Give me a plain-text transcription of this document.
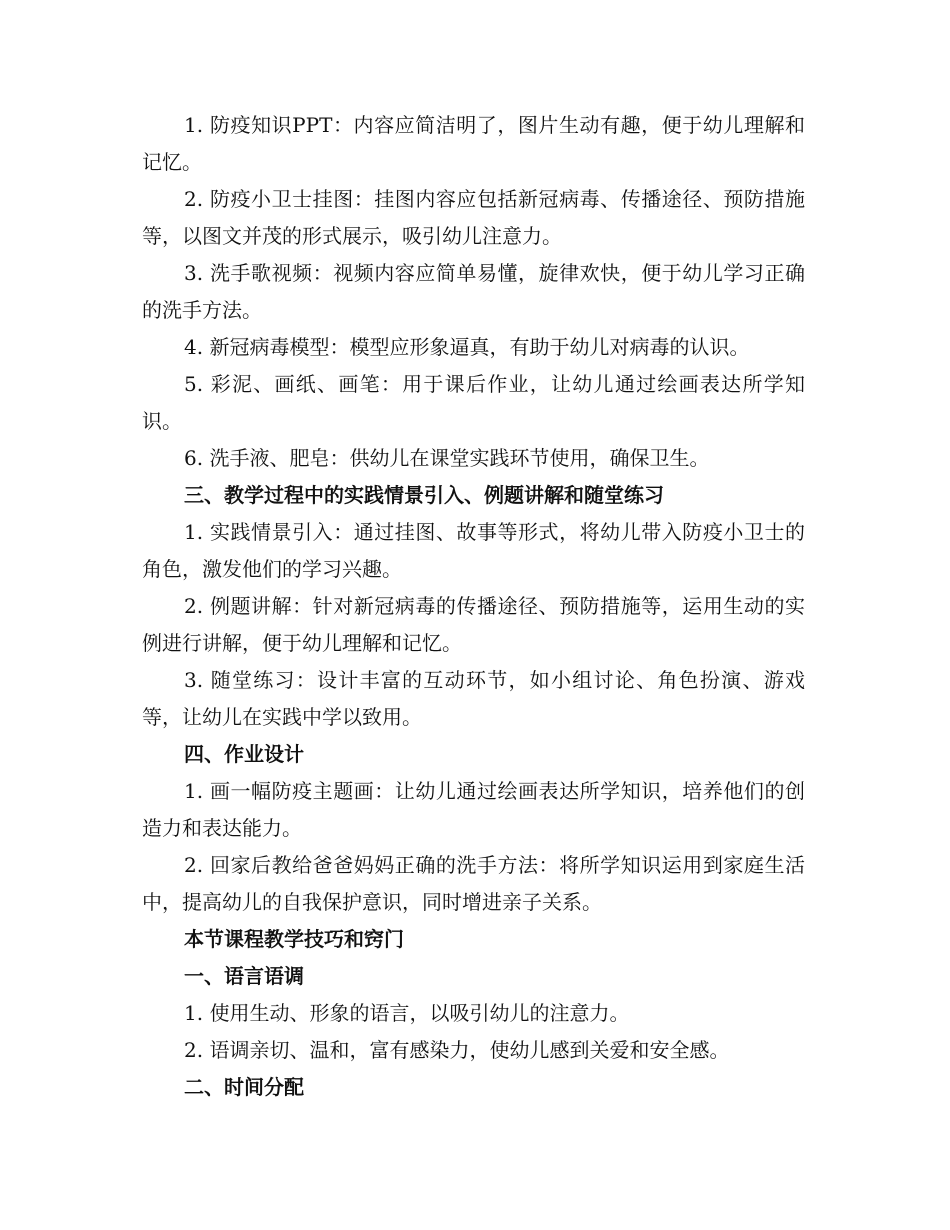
1. 防疫知识PPT：内容应简洁明了，图片生动有趣，便于幼儿理解和记忆。

2. 防疫小卫士挂图：挂图内容应包括新冠病毒、传播途径、预防措施等，以图文并茂的形式展示，吸引幼儿注意力。

3. 洗手歌视频：视频内容应简单易懂，旋律欢快，便于幼儿学习正确的洗手方法。

4. 新冠病毒模型：模型应形象逼真，有助于幼儿对病毒的认识。

5. 彩泥、画纸、画笔：用于课后作业，让幼儿通过绘画表达所学知识。

6. 洗手液、肥皂：供幼儿在课堂实践环节使用，确保卫生。

三、教学过程中的实践情景引入、例题讲解和随堂练习

1. 实践情景引入：通过挂图、故事等形式，将幼儿带入防疫小卫士的角色，激发他们的学习兴趣。

2. 例题讲解：针对新冠病毒的传播途径、预防措施等，运用生动的实例进行讲解，便于幼儿理解和记忆。

3. 随堂练习：设计丰富的互动环节，如小组讨论、角色扮演、游戏等，让幼儿在实践中学以致用。

四、作业设计

1. 画一幅防疫主题画：让幼儿通过绘画表达所学知识，培养他们的创造力和表达能力。

2. 回家后教给爸爸妈妈正确的洗手方法：将所学知识运用到家庭生活中，提高幼儿的自我保护意识，同时增进亲子关系。

本节课程教学技巧和窍门

一、语言语调

1. 使用生动、形象的语言，以吸引幼儿的注意力。

2. 语调亲切、温和，富有感染力，使幼儿感到关爱和安全感。

二、时间分配
